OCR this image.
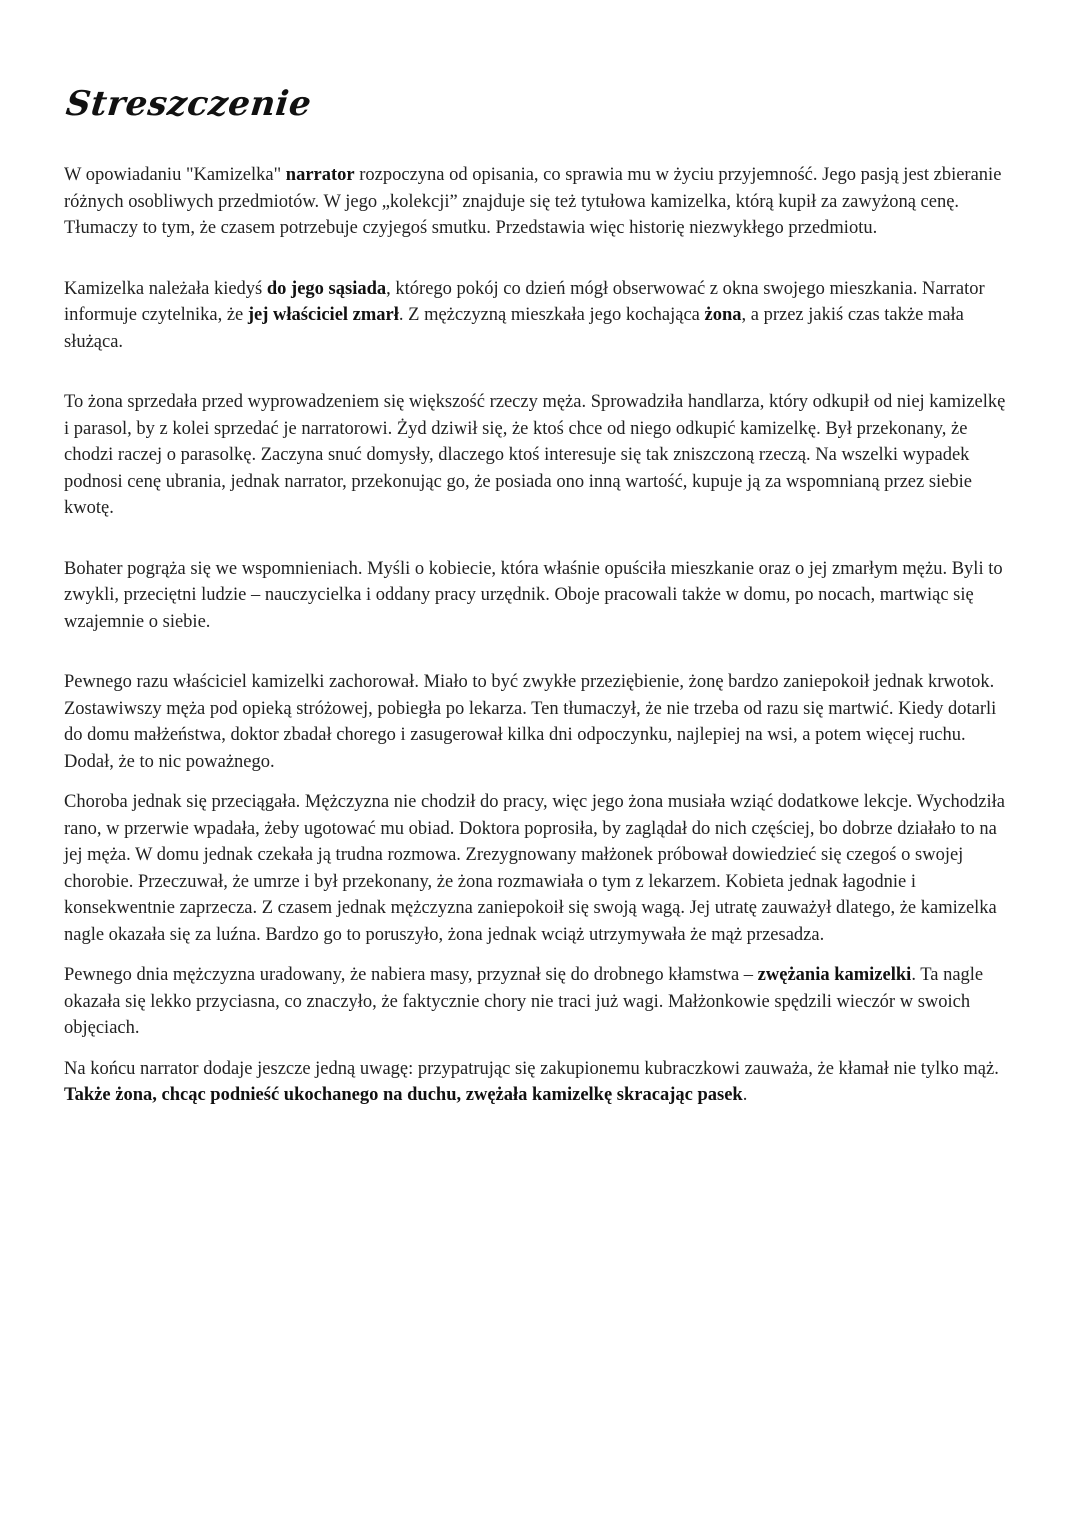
Streszczenie

W opowiadaniu "Kamizelka" narrator rozpoczyna od opisania, co sprawia mu w życiu przyjemność. Jego pasją jest zbieranie różnych osobliwych przedmiotów. W jego „kolekcji” znajduje się też tytułowa kamizelka, którą kupił za zawyżoną cenę. Tłumaczy to tym, że czasem potrzebuje czyjegoś smutku. Przedstawia więc historię niezwykłego przedmiotu.

Kamizelka należała kiedyś do jego sąsiada, którego pokój co dzień mógł obserwować z okna swojego mieszkania. Narrator informuje czytelnika, że jej właściciel zmarł. Z mężczyzną mieszkała jego kochająca żona, a przez jakiś czas także mała służąca.

To żona sprzedała przed wyprowadzeniem się większość rzeczy męża. Sprowadziła handlarza, który odkupił od niej kamizelkę i parasol, by z kolei sprzedać je narratorowi. Żyd dziwił się, że ktoś chce od niego odkupić kamizelkę. Był przekonany, że chodzi raczej o parasolkę. Zaczyna snuć domysły, dlaczego ktoś interesuje się tak zniszczoną rzeczą. Na wszelki wypadek podnosi cenę ubrania, jednak narrator, przekonując go, że posiada ono inną wartość, kupuje ją za wspomnianą przez siebie kwotę.

Bohater pogrąża się we wspomnieniach. Myśli o kobiecie, która właśnie opuściła mieszkanie oraz o jej zmarłym mężu. Byli to zwykli, przeciętni ludzie – nauczycielka i oddany pracy urzędnik. Oboje pracowali także w domu, po nocach, martwiąc się wzajemnie o siebie.

Pewnego razu właściciel kamizelki zachorował. Miało to być zwykłe przeziębienie, żonę bardzo zaniepokoił jednak krwotok. Zostawiwszy męża pod opieką stróżowej, pobiegła po lekarza. Ten tłumaczył, że nie trzeba od razu się martwić. Kiedy dotarli do domu małżeństwa, doktor zbadał chorego i zasugerował kilka dni odpoczynku, najlepiej na wsi, a potem więcej ruchu. Dodał, że to nic poważnego.

Choroba jednak się przeciągała. Mężczyzna nie chodził do pracy, więc jego żona musiała wziąć dodatkowe lekcje. Wychodziła rano, w przerwie wpadała, żeby ugotować mu obiad. Doktora poprosiła, by zaglądał do nich częściej, bo dobrze działało to na jej męża. W domu jednak czekała ją trudna rozmowa. Zrezygnowany małżonek próbował dowiedzieć się czegoś o swojej chorobie. Przeczuwał, że umrze i był przekonany, że żona rozmawiała o tym z lekarzem. Kobieta jednak łagodnie i konsekwentnie zaprzecza. Z czasem jednak mężczyzna zaniepokoił się swoją wagą. Jej utratę zauważył dlatego, że kamizelka nagle okazała się za luźna. Bardzo go to poruszyło, żona jednak wciąż utrzymywała że mąż przesadza.

Pewnego dnia mężczyzna uradowany, że nabiera masy, przyznał się do drobnego kłamstwa – zwężania kamizelki. Ta nagle okazała się lekko przyciasna, co znaczyło, że faktycznie chory nie traci już wagi. Małżonkowie spędzili wieczór w swoich objęciach.

Na końcu narrator dodaje jeszcze jedną uwagę: przypatrując się zakupionemu kubraczkowi zauważa, że kłamał nie tylko mąż. Także żona, chcąc podnieść ukochanego na duchu, zwężała kamizelkę skracając pasek.
